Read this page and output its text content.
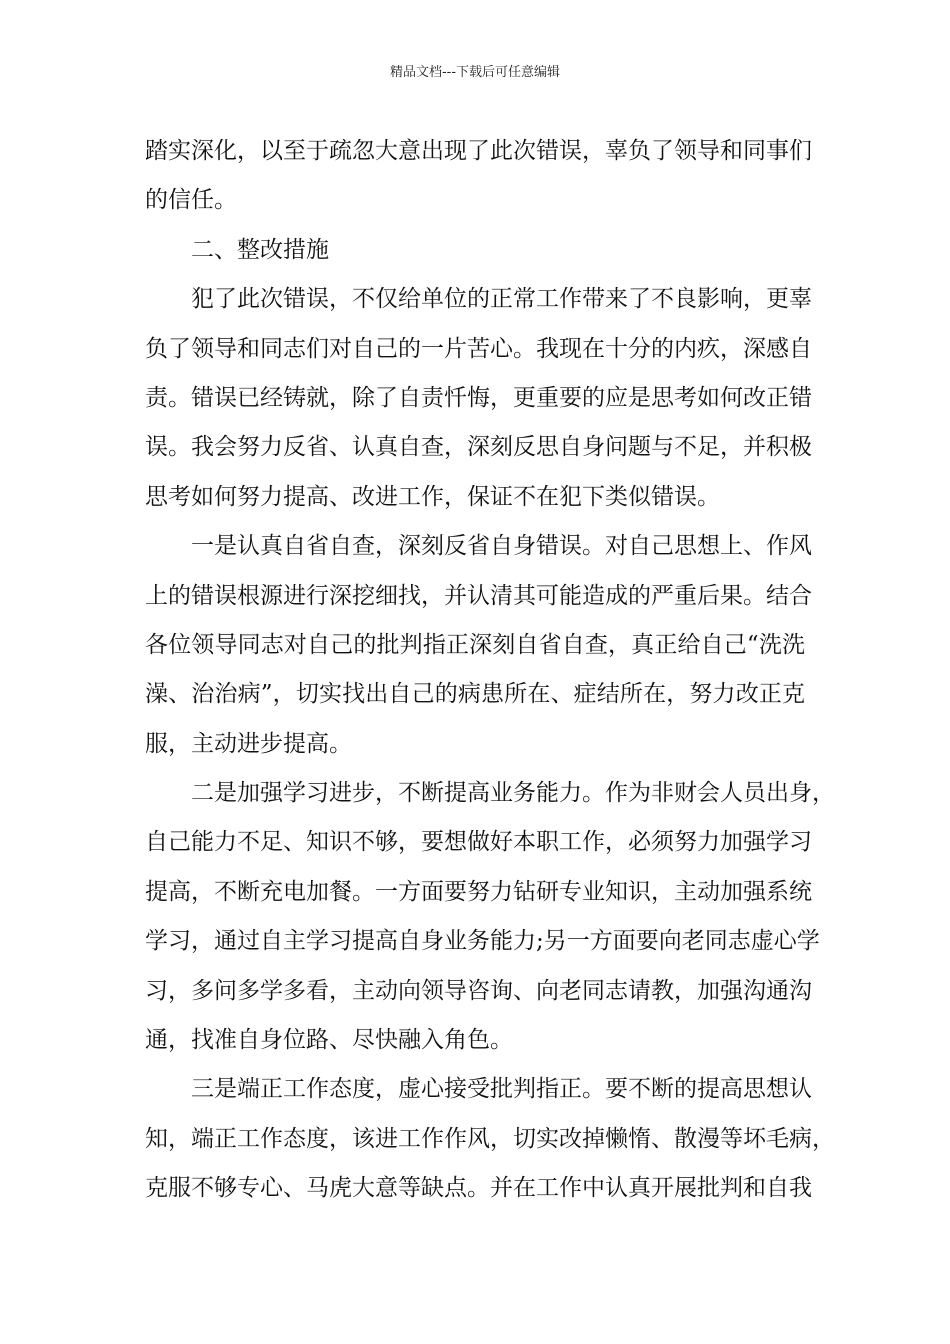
精品文档---下载后可任意编辑

踏实深化，以至于疏忽大意出现了此次错误，辜负了领导和同事们
的信任。

二、整改措施

犯了此次错误，不仅给单位的正常工作带来了不良影响，更辜
负了领导和同志们对自己的一片苦心。我现在十分的内疚，深感自
责。错误已经铸就，除了自责忏悔，更重要的应是思考如何改正错
误。我会努力反省、认真自查，深刻反思自身问题与不足，并积极
思考如何努力提高、改进工作，保证不在犯下类似错误。

一是认真自省自查，深刻反省自身错误。对自己思想上、作风
上的错误根源进行深挖细找，并认清其可能造成的严重后果。结合
各位领导同志对自己的批判指正深刻自省自查，真正给自己“洗洗
澡、治治病”，切实找出自己的病患所在、症结所在，努力改正克
服，主动进步提高。

二是加强学习进步，不断提高业务能力。作为非财会人员出身，
自己能力不足、知识不够，要想做好本职工作，必须努力加强学习
提高，不断充电加餐。一方面要努力钻研专业知识，主动加强系统
学习，通过自主学习提高自身业务能力;另一方面要向老同志虚心学
习，多问多学多看，主动向领导咨询、向老同志请教，加强沟通沟
通，找准自身位路、尽快融入角色。

三是端正工作态度，虚心接受批判指正。要不断的提高思想认
知，端正工作态度，该进工作作风，切实改掉懒惰、散漫等坏毛病，
克服不够专心、马虎大意等缺点。并在工作中认真开展批判和自我
